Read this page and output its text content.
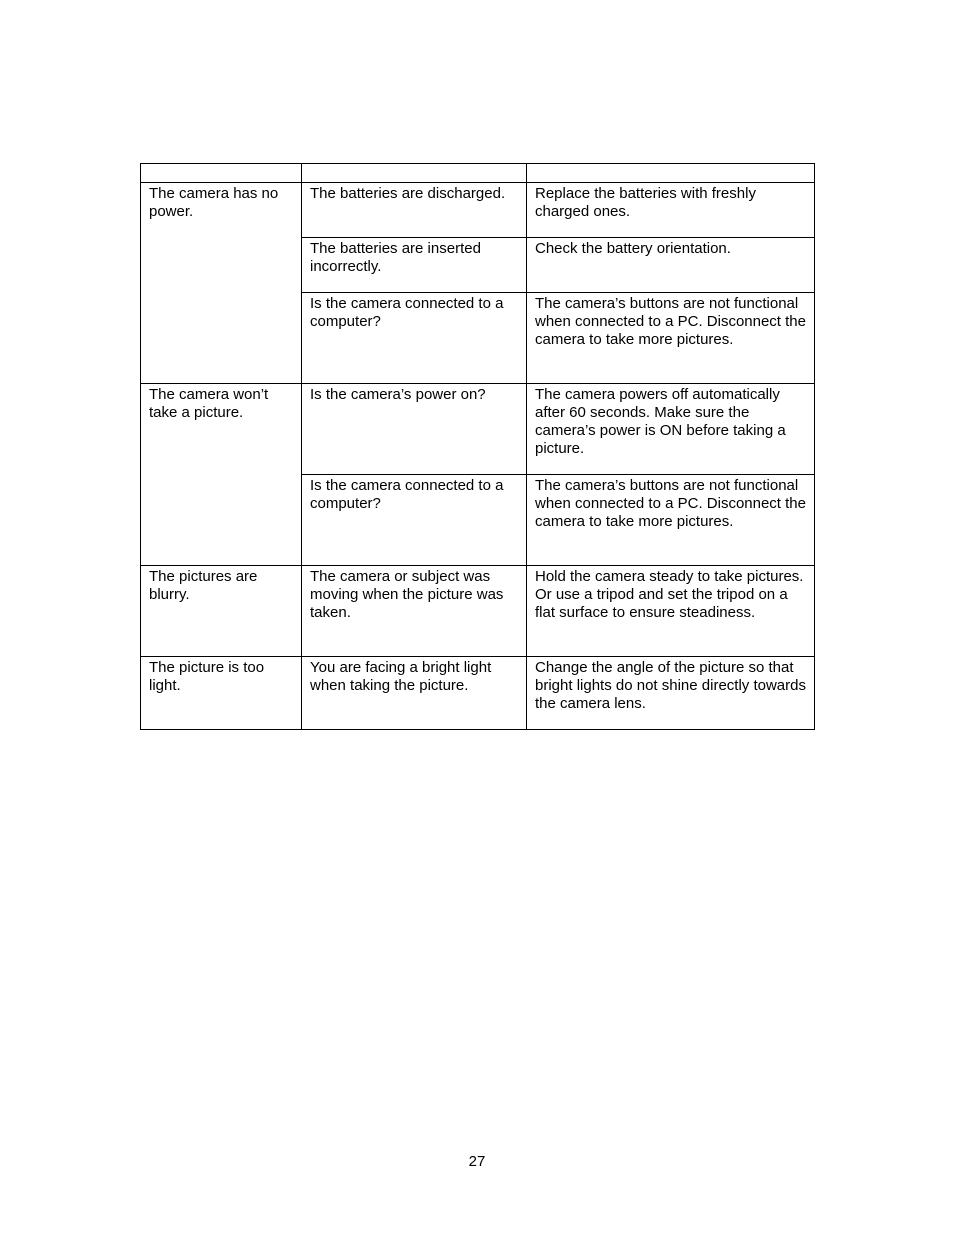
The camera has no power.	The batteries are discharged.	Replace the batteries with freshly charged ones.
	The batteries are inserted incorrectly.	Check the battery orientation.
	Is the camera connected to a computer?	The camera’s buttons are not functional when connected to a PC. Disconnect the camera to take more pictures.
The camera won’t take a picture.	Is the camera’s power on?	The camera powers off automatically after 60 seconds. Make sure the camera’s power is ON before taking a picture.
	Is the camera connected to a computer?	The camera’s buttons are not functional when connected to a PC. Disconnect the camera to take more pictures.
The pictures are blurry.	The camera or subject was moving when the picture was taken.	Hold the camera steady to take pictures. Or use a tripod and set the tripod on a flat surface to ensure steadiness.
The picture is too light.	You are facing a bright light when taking the picture.	Change the angle of the picture so that bright lights do not shine directly towards the camera lens.
27
